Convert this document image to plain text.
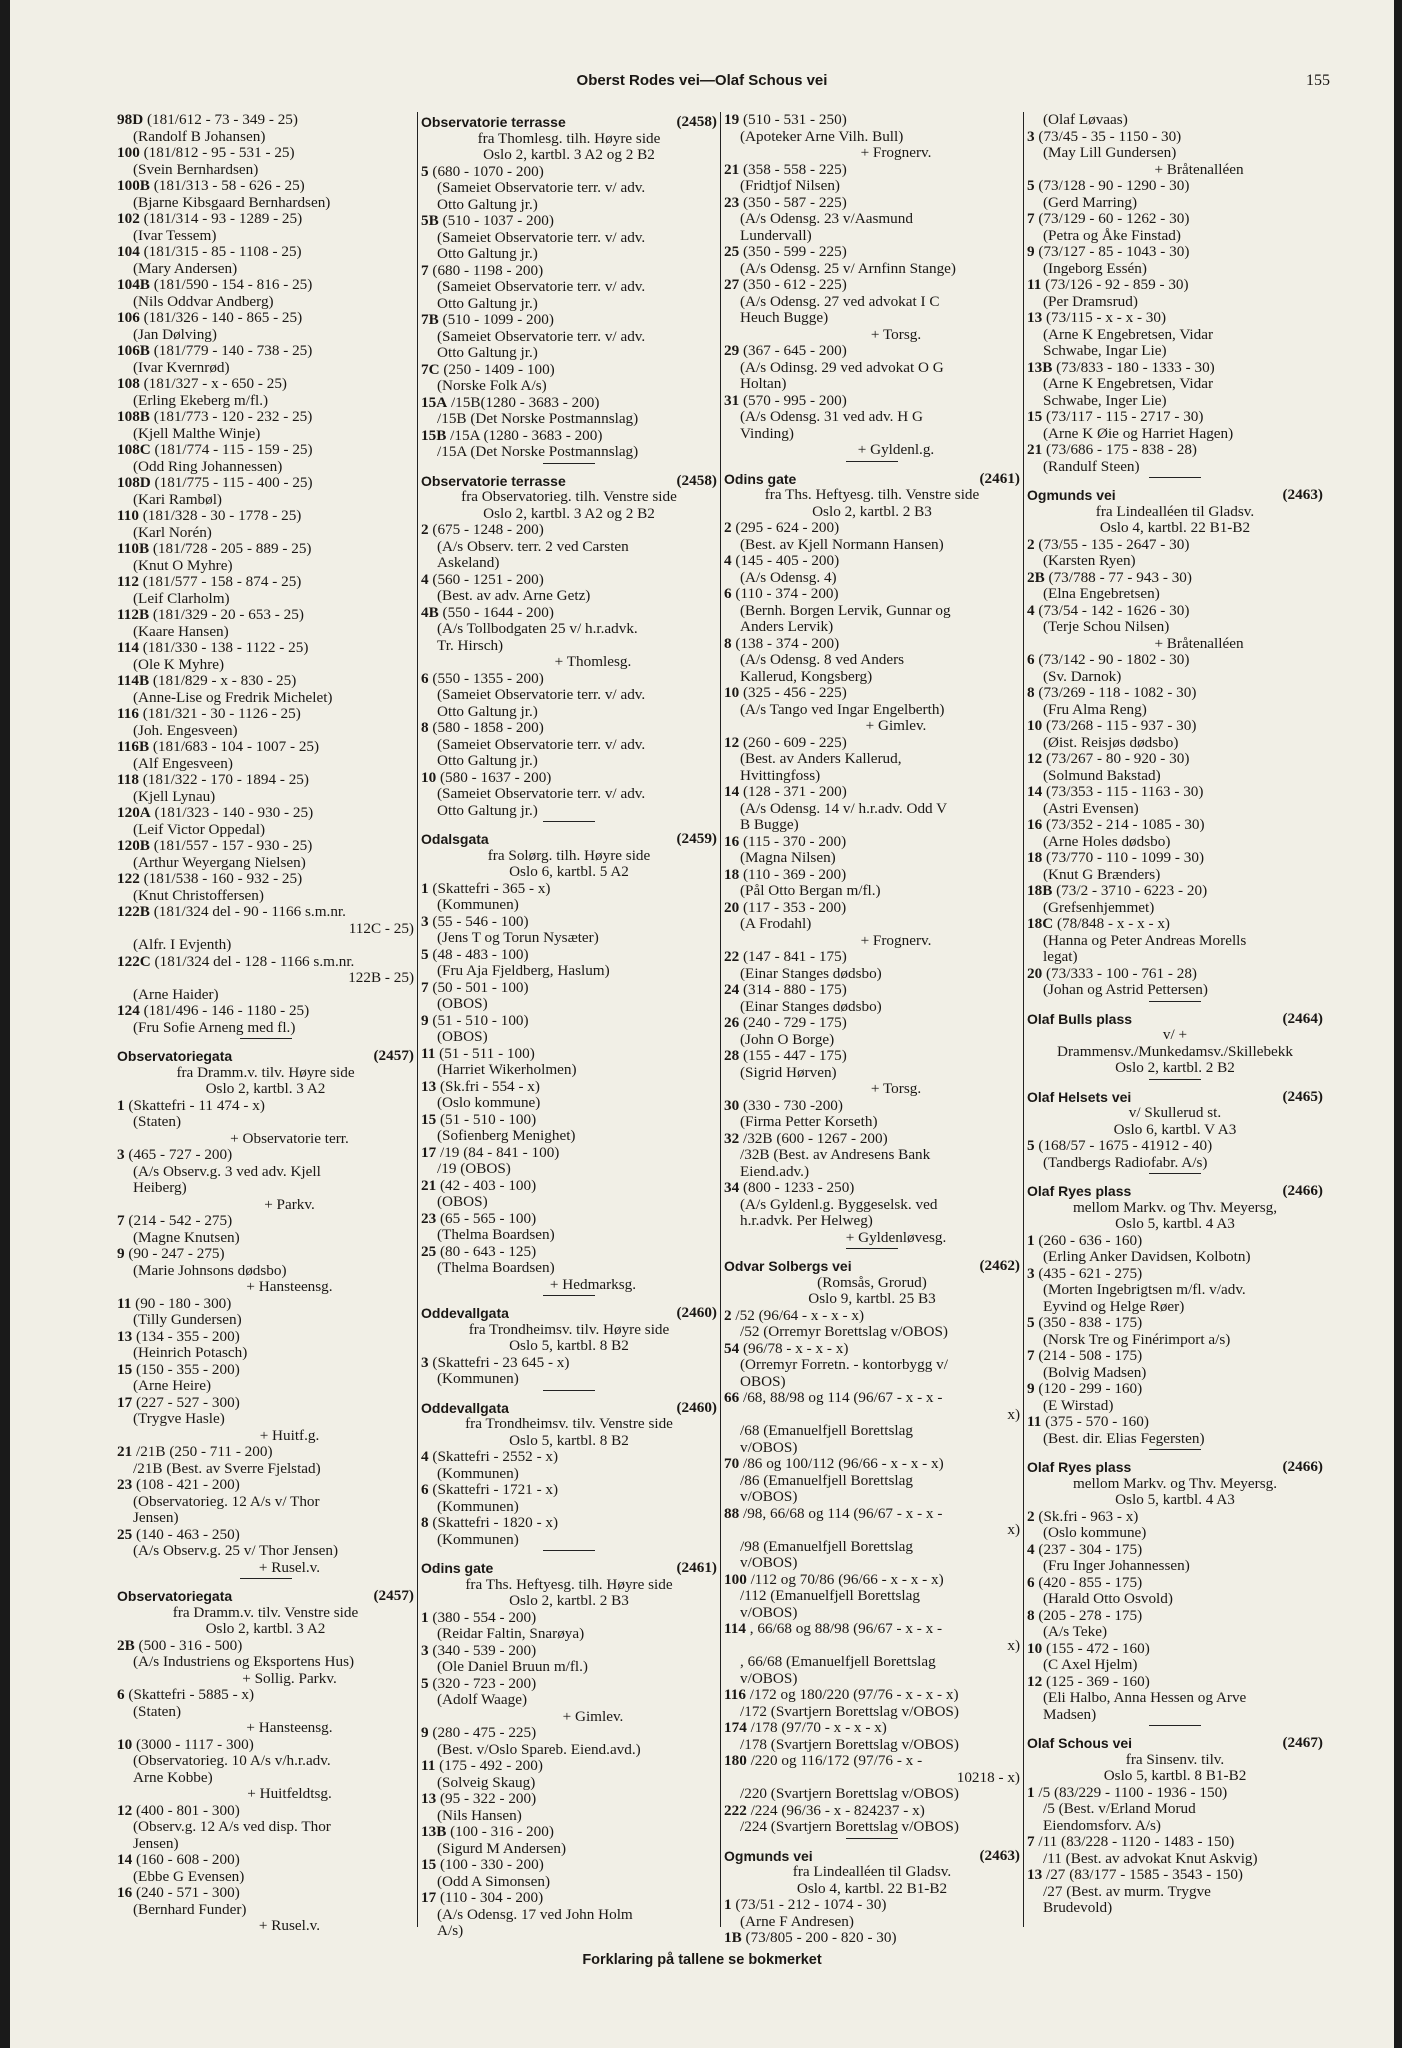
Oberst Rodes vei—Olaf Schous vei	155
98D (181/612 - 73 - 349 - 25)
(Randolf B Johansen)
100 (181/812 - 95 - 531 - 25)
(Svein Bernhardsen)
100B (181/313 - 58 - 626 - 25)
(Bjarne Kibsgaard Bernhardsen)
102 (181/314 - 93 - 1289 - 25)
(Ivar Tessem)
104 (181/315 - 85 - 1108 - 25)
(Mary Andersen)
104B (181/590 - 154 - 816 - 25)
(Nils Oddvar Andberg)
106 (181/326 - 140 - 865 - 25)
(Jan Dølving)
106B (181/779 - 140 - 738 - 25)
(Ivar Kvernrød)
108 (181/327 - x - 650 - 25)
(Erling Ekeberg m/fl.)
108B (181/773 - 120 - 232 - 25)
(Kjell Malthe Winje)
108C (181/774 - 115 - 159 - 25)
(Odd Ring Johannessen)
108D (181/775 - 115 - 400 - 25)
(Kari Rambøl)
110 (181/328 - 30 - 1778 - 25)
(Karl Norén)
110B (181/728 - 205 - 889 - 25)
(Knut O Myhre)
112 (181/577 - 158 - 874 - 25)
(Leif Clarholm)
112B (181/329 - 20 - 653 - 25)
(Kaare Hansen)
114 (181/330 - 138 - 1122 - 25)
(Ole K Myhre)
114B (181/829 - x - 830 - 25)
(Anne-Lise og Fredrik Michelet)
116 (181/321 - 30 - 1126 - 25)
(Joh. Engesveen)
116B (181/683 - 104 - 1007 - 25)
(Alf Engesveen)
118 (181/322 - 170 - 1894 - 25)
(Kjell Lynau)
120A (181/323 - 140 - 930 - 25)
(Leif Victor Oppedal)
120B (181/557 - 157 - 930 - 25)
(Arthur Weyergang Nielsen)
122 (181/538 - 160 - 932 - 25)
(Knut Christoffersen)
122B (181/324 del - 90 - 1166 s.m.nr.
112C - 25)
(Alfr. I Evjenth)
122C (181/324 del - 128 - 1166 s.m.nr.
122B - 25)
(Arne Haider)
124 (181/496 - 146 - 1180 - 25)
(Fru Sofie Arneng med fl.)
Observatoriegata	(2457)
fra Dramm.v. tilv. Høyre side
Oslo 2, kartbl. 3 A2
1 (Skattefri - 11 474 - x)
(Staten)
+ Observatorie terr.
3 (465 - 727 - 200)
(A/s Observ.g. 3 ved adv. Kjell
Heiberg)
+ Parkv.
7 (214 - 542 - 275)
(Magne Knutsen)
9 (90 - 247 - 275)
(Marie Johnsons dødsbo)
+ Hansteensg.
11 (90 - 180 - 300)
(Tilly Gundersen)
13 (134 - 355 - 200)
(Heinrich Potasch)
15 (150 - 355 - 200)
(Arne Heire)
17 (227 - 527 - 300)
(Trygve Hasle)
+ Huitf.g.
21 /21B (250 - 711 - 200)
/21B (Best. av Sverre Fjelstad)
23 (108 - 421 - 200)
(Observatorieg. 12 A/s v/ Thor
Jensen)
25 (140 - 463 - 250)
(A/s Observ.g. 25 v/ Thor Jensen)
+ Rusel.v.
Observatoriegata	(2457)
fra Dramm.v. tilv. Venstre side
Oslo 2, kartbl. 3 A2
2B (500 - 316 - 500)
(A/s Industriens og Eksportens Hus)
+ Sollig. Parkv.
6 (Skattefri - 5885 - x)
(Staten)
+ Hansteensg.
10 (3000 - 1117 - 300)
(Observatorieg. 10 A/s v/h.r.adv.
Arne Kobbe)
+ Huitfeldtsg.
12 (400 - 801 - 300)
(Observ.g. 12 A/s ved disp. Thor
Jensen)
14 (160 - 608 - 200)
(Ebbe G Evensen)
16 (240 - 571 - 300)
(Bernhard Funder)
+ Rusel.v.
Observatorie terrasse	(2458)
fra Thomlesg. tilh. Høyre side
Oslo 2, kartbl. 3 A2 og 2 B2
5 (680 - 1070 - 200)
(Sameiet Observatorie terr. v/ adv.
Otto Galtung jr.)
5B (510 - 1037 - 200)
(Sameiet Observatorie terr. v/ adv.
Otto Galtung jr.)
7 (680 - 1198 - 200)
(Sameiet Observatorie terr. v/ adv.
Otto Galtung jr.)
7B (510 - 1099 - 200)
(Sameiet Observatorie terr. v/ adv.
Otto Galtung jr.)
7C (250 - 1409 - 100)
(Norske Folk A/s)
15A /15B(1280 - 3683 - 200)
/15B (Det Norske Postmannslag)
15B /15A (1280 - 3683 - 200)
/15A (Det Norske Postmannslag)
Observatorie terrasse	(2458)
fra Observatorieg. tilh. Venstre side
Oslo 2, kartbl. 3 A2 og 2 B2
2 (675 - 1248 - 200)
(A/s Observ. terr. 2 ved Carsten
Askeland)
4 (560 - 1251 - 200)
(Best. av adv. Arne Getz)
4B (550 - 1644 - 200)
(A/s Tollbodgaten 25 v/ h.r.advk.
Tr. Hirsch)
+ Thomlesg.
6 (550 - 1355 - 200)
(Sameiet Observatorie terr. v/ adv.
Otto Galtung jr.)
8 (580 - 1858 - 200)
(Sameiet Observatorie terr. v/ adv.
Otto Galtung jr.)
10 (580 - 1637 - 200)
(Sameiet Observatorie terr. v/ adv.
Otto Galtung jr.)
Odalsgata	(2459)
fra Solørg. tilh. Høyre side
Oslo 6, kartbl. 5 A2
1 (Skattefri - 365 - x)
(Kommunen)
3 (55 - 546 - 100)
(Jens T og Torun Nysæter)
5 (48 - 483 - 100)
(Fru Aja Fjeldberg, Haslum)
7 (50 - 501 - 100)
(OBOS)
9 (51 - 510 - 100)
(OBOS)
11 (51 - 511 - 100)
(Harriet Wikerholmen)
13 (Sk.fri - 554 - x)
(Oslo kommune)
15 (51 - 510 - 100)
(Sofienberg Menighet)
17 /19 (84 - 841 - 100)
/19 (OBOS)
21 (42 - 403 - 100)
(OBOS)
23 (65 - 565 - 100)
(Thelma Boardsen)
25 (80 - 643 - 125)
(Thelma Boardsen)
+ Hedmarksg.
Oddevallgata	(2460)
fra Trondheimsv. tilv. Høyre side
Oslo 5, kartbl. 8 B2
3 (Skattefri - 23 645 - x)
(Kommunen)
Oddevallgata	(2460)
fra Trondheimsv. tilv. Venstre side
Oslo 5, kartbl. 8 B2
4 (Skattefri - 2552 - x)
(Kommunen)
6 (Skattefri - 1721 - x)
(Kommunen)
8 (Skattefri - 1820 - x)
(Kommunen)
Odins gate	(2461)
fra Ths. Heftyesg. tilh. Høyre side
Oslo 2, kartbl. 2 B3
1 (380 - 554 - 200)
(Reidar Faltin, Snarøya)
3 (340 - 539 - 200)
(Ole Daniel Bruun m/fl.)
5 (320 - 723 - 200)
(Adolf Waage)
+ Gimlev.
9 (280 - 475 - 225)
(Best. v/Oslo Spareb. Eiend.avd.)
11 (175 - 492 - 200)
(Solveig Skaug)
13 (95 - 322 - 200)
(Nils Hansen)
13B (100 - 316 - 200)
(Sigurd M Andersen)
15 (100 - 330 - 200)
(Odd A Simonsen)
17 (110 - 304 - 200)
(A/s Odensg. 17 ved John Holm
A/s)
19 (510 - 531 - 250)
(Apoteker Arne Vilh. Bull)
+ Frognerv.
21 (358 - 558 - 225)
(Fridtjof Nilsen)
23 (350 - 587 - 225)
(A/s Odensg. 23 v/Aasmund
Lundervall)
25 (350 - 599 - 225)
(A/s Odensg. 25 v/ Arnfinn Stange)
27 (350 - 612 - 225)
(A/s Odensg. 27 ved advokat I C
Heuch Bugge)
+ Torsg.
29 (367 - 645 - 200)
(A/s Odinsg. 29 ved advokat O G
Holtan)
31 (570 - 995 - 200)
(A/s Odensg. 31 ved adv. H G
Vinding)
+ Gyldenl.g.
Odins gate	(2461)
fra Ths. Heftyesg. tilh. Venstre side
Oslo 2, kartbl. 2 B3
2 (295 - 624 - 200)
(Best. av Kjell Normann Hansen)
4 (145 - 405 - 200)
(A/s Odensg. 4)
6 (110 - 374 - 200)
(Bernh. Borgen Lervik, Gunnar og
Anders Lervik)
8 (138 - 374 - 200)
(A/s Odensg. 8 ved Anders
Kallerud, Kongsberg)
10 (325 - 456 - 225)
(A/s Tango ved Ingar Engelberth)
+ Gimlev.
12 (260 - 609 - 225)
(Best. av Anders Kallerud,
Hvittingfoss)
14 (128 - 371 - 200)
(A/s Odensg. 14 v/ h.r.adv. Odd V
B Bugge)
16 (115 - 370 - 200)
(Magna Nilsen)
18 (110 - 369 - 200)
(Pål Otto Bergan m/fl.)
20 (117 - 353 - 200)
(A Frodahl)
+ Frognerv.
22 (147 - 841 - 175)
(Einar Stanges dødsbo)
24 (314 - 880 - 175)
(Einar Stanges dødsbo)
26 (240 - 729 - 175)
(John O Borge)
28 (155 - 447 - 175)
(Sigrid Hørven)
+ Torsg.
30 (330 - 730 -200)
(Firma Petter Korseth)
32 /32B (600 - 1267 - 200)
/32B (Best. av Andresens Bank
Eiend.adv.)
34 (800 - 1233 - 250)
(A/s Gyldenl.g. Byggeselsk. ved
h.r.advk. Per Helweg)
+ Gyldenløvesg.
Odvar Solbergs vei	(2462)
(Romsås, Grorud)
Oslo 9, kartbl. 25 B3
2 /52 (96/64 - x - x - x)
/52 (Orremyr Borettslag v/OBOS)
54 (96/78 - x - x - x)
(Orremyr Forretn. - kontorbygg v/
OBOS)
66 /68, 88/98 og 114 (96/67 - x - x -
x)
/68 (Emanuelfjell Borettslag
v/OBOS)
70 /86 og 100/112 (96/66 - x - x - x)
/86 (Emanuelfjell Borettslag
v/OBOS)
88 /98, 66/68 og 114 (96/67 - x - x -
x)
/98 (Emanuelfjell Borettslag
v/OBOS)
100 /112 og 70/86 (96/66 - x - x - x)
/112 (Emanuelfjell Borettslag
v/OBOS)
114 , 66/68 og 88/98 (96/67 - x - x -
x)
, 66/68 (Emanuelfjell Borettslag
v/OBOS)
116 /172 og 180/220 (97/76 - x - x - x)
/172 (Svartjern Borettslag v/OBOS)
174 /178 (97/70 - x - x - x)
/178 (Svartjern Borettslag v/OBOS)
180 /220 og 116/172 (97/76 - x -
10218 - x)
/220 (Svartjern Borettslag v/OBOS)
222 /224 (96/36 - x - 824237 - x)
/224 (Svartjern Borettslag v/OBOS)
Ogmunds vei	(2463)
fra Lindealléen til Gladsv.
Oslo 4, kartbl. 22 B1-B2
1 (73/51 - 212 - 1074 - 30)
(Arne F Andresen)
1B (73/805 - 200 - 820 - 30)
(Olaf Løvaas)
3 (73/45 - 35 - 1150 - 30)
(May Lill Gundersen)
+ Bråtenalléen
5 (73/128 - 90 - 1290 - 30)
(Gerd Marring)
7 (73/129 - 60 - 1262 - 30)
(Petra og Åke Finstad)
9 (73/127 - 85 - 1043 - 30)
(Ingeborg Essén)
11 (73/126 - 92 - 859 - 30)
(Per Dramsrud)
13 (73/115 - x - x - 30)
(Arne K Engebretsen, Vidar
Schwabe, Ingar Lie)
13B (73/833 - 180 - 1333 - 30)
(Arne K Engebretsen, Vidar
Schwabe, Inger Lie)
15 (73/117 - 115 - 2717 - 30)
(Arne K Øie og Harriet Hagen)
21 (73/686 - 175 - 838 - 28)
(Randulf Steen)
Ogmunds vei	(2463)
fra Lindealléen til Gladsv.
Oslo 4, kartbl. 22 B1-B2
2 (73/55 - 135 - 2647 - 30)
(Karsten Ryen)
2B (73/788 - 77 - 943 - 30)
(Elna Engebretsen)
4 (73/54 - 142 - 1626 - 30)
(Terje Schou Nilsen)
+ Bråtenalléen
6 (73/142 - 90 - 1802 - 30)
(Sv. Darnok)
8 (73/269 - 118 - 1082 - 30)
(Fru Alma Reng)
10 (73/268 - 115 - 937 - 30)
(Øist. Reisjøs dødsbo)
12 (73/267 - 80 - 920 - 30)
(Solmund Bakstad)
14 (73/353 - 115 - 1163 - 30)
(Astri Evensen)
16 (73/352 - 214 - 1085 - 30)
(Arne Holes dødsbo)
18 (73/770 - 110 - 1099 - 30)
(Knut G Brænders)
18B (73/2 - 3710 - 6223 - 20)
(Grefsenhjemmet)
18C (78/848 - x - x - x)
(Hanna og Peter Andreas Morells
legat)
20 (73/333 - 100 - 761 - 28)
(Johan og Astrid Pettersen)
Olaf Bulls plass	(2464)
v/ +
Drammensv./Munkedamsv./Skillebekk
Oslo 2, kartbl. 2 B2
Olaf Helsets vei	(2465)
v/ Skullerud st.
Oslo 6, kartbl. V A3
5 (168/57 - 1675 - 41912 - 40)
(Tandbergs Radiofabr. A/s)
Olaf Ryes plass	(2466)
mellom Markv. og Thv. Meyersg,
Oslo 5, kartbl. 4 A3
1 (260 - 636 - 160)
(Erling Anker Davidsen, Kolbotn)
3 (435 - 621 - 275)
(Morten Ingebrigtsen m/fl. v/adv.
Eyvind og Helge Røer)
5 (350 - 838 - 175)
(Norsk Tre og Finérimport a/s)
7 (214 - 508 - 175)
(Bolvig Madsen)
9 (120 - 299 - 160)
(E Wirstad)
11 (375 - 570 - 160)
(Best. dir. Elias Fegersten)
Olaf Ryes plass	(2466)
mellom Markv. og Thv. Meyersg.
Oslo 5, kartbl. 4 A3
2 (Sk.fri - 963 - x)
(Oslo kommune)
4 (237 - 304 - 175)
(Fru Inger Johannessen)
6 (420 - 855 - 175)
(Harald Otto Osvold)
8 (205 - 278 - 175)
(A/s Teke)
10 (155 - 472 - 160)
(C Axel Hjelm)
12 (125 - 369 - 160)
(Eli Halbo, Anna Hessen og Arve
Madsen)
Olaf Schous vei	(2467)
fra Sinsenv. tilv.
Oslo 5, kartbl. 8 B1-B2
1 /5 (83/229 - 1100 - 1936 - 150)
/5 (Best. v/Erland Morud
Eiendomsforv. A/s)
7 /11 (83/228 - 1120 - 1483 - 150)
/11 (Best. av advokat Knut Askvig)
13 /27 (83/177 - 1585 - 3543 - 150)
/27 (Best. av murm. Trygve
Brudevold)
Forklaring på tallene se bokmerket
